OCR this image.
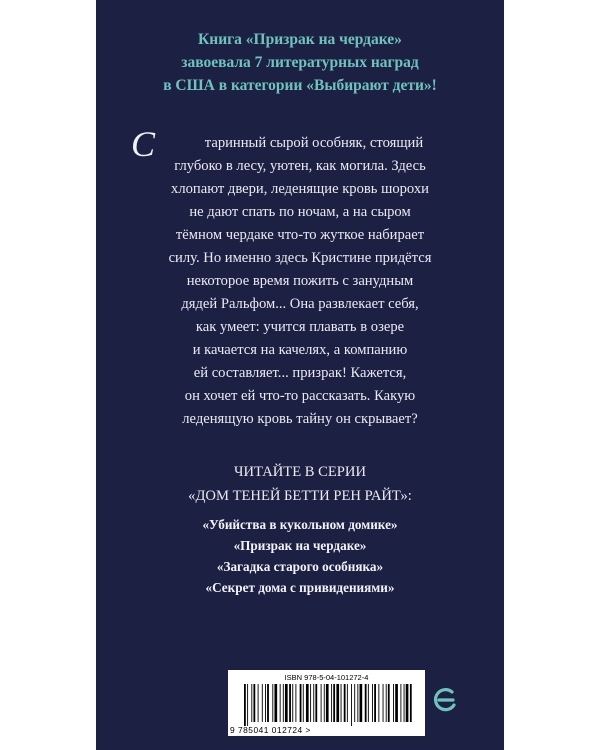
Книга «Призрак на чердаке»
завоевала 7 литературных наград
в США в категории «Выбирают дети»!
С	таринный сырой особняк, стоящий
глубоко в лесу, уютен, как могила. Здесь
хлопают двери, леденящие кровь шорохи
не дают спать по ночам, а на сыром
тёмном чердаке что-то жуткое набирает
силу. Но именно здесь Кристине придётся
некоторое время пожить с занудным
дядей Ральфом... Она развлекает себя,
как умеет: учится плавать в озере
и качается на качелях, а компанию
ей составляет... призрак! Кажется,
он хочет ей что-то рассказать. Какую
леденящую кровь тайну он скрывает?
ЧИТАЙТЕ В СЕРИИ
«ДОМ ТЕНЕЙ БЕТТИ РЕН РАЙТ»:
«Убийства в кукольном домике»
«Призрак на чердаке»
«Загадка старого особняка»
«Секрет дома с привидениями»
ISBN 978-5-04-101272-4
9 785041 012724 >
